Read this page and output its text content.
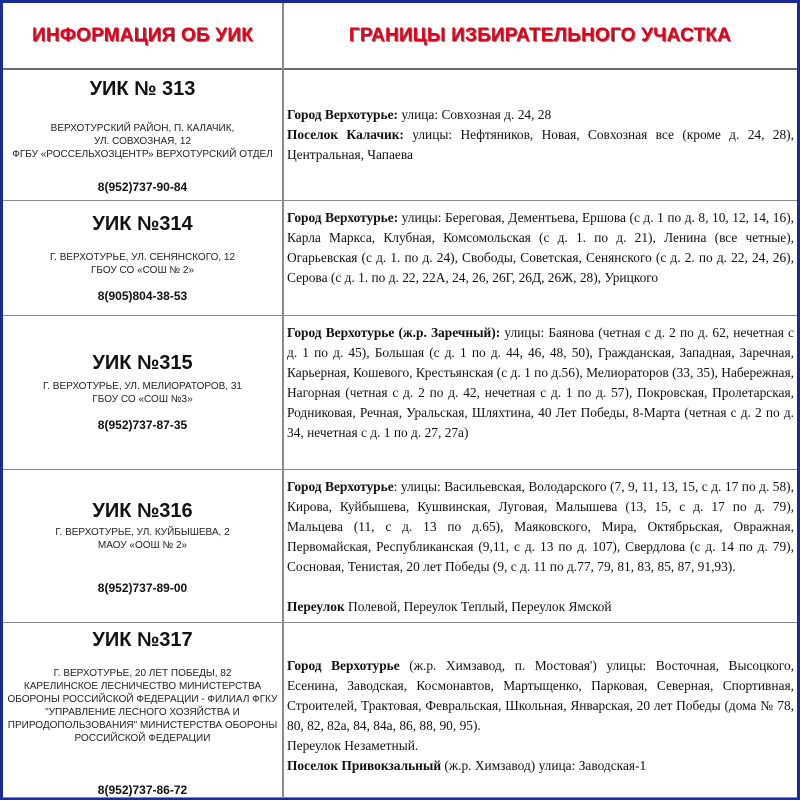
ИНФОРМАЦИЯ ОБ УИК	ГРАНИЦЫ ИЗБИРАТЕЛЬНОГО УЧАСТКА
УИК № 313
ВЕРХОТУРСКИЙ РАЙОН, П. КАЛАЧИК,
УЛ. СОВХОЗНАЯ, 12
ФГБУ «РОССЕЛЬХОЗЦЕНТР» ВЕРХОТУРСКИЙ ОТДЕЛ
8(952)737-90-84
Город Верхотурье: улица: Совхозная д. 24, 28
Поселок Калачик: улицы: Нефтяников, Новая, Совхозная все (кроме д. 24, 28), Центральная, Чапаева
УИК №314
Г. ВЕРХОТУРЬЕ, УЛ. СЕНЯНСКОГО, 12
ГБОУ СО «СОШ № 2»
8(905)804-38-53
Город Верхотурье: улицы: Береговая, Дементьева, Ершова (с д. 1 по д. 8, 10, 12, 14, 16), Карла Маркса, Клубная, Комсомольская (с д. 1. по д. 21), Ленина (все четные), Огарьевская (с д. 1. по д. 24), Свободы, Советская, Сенянского (с д. 2. по д. 22, 24, 26), Серова (с д. 1. по д. 22, 22А, 24, 26, 26Г, 26Д, 26Ж, 28), Урицкого
УИК №315
Г. ВЕРХОТУРЬЕ, УЛ. МЕЛИОРАТОРОВ, 31
ГБОУ СО «СОШ №3»
8(952)737-87-35
Город Верхотурье (ж.р. Заречный): улицы: Баянова (четная с д. 2 по д. 62, нечетная с д. 1 по д. 45), Большая (с д. 1 по д. 44, 46, 48, 50), Гражданская, Западная, Заречная, Карьерная, Кошевого, Крестьянская (с д. 1 по д.56), Мелиораторов (33, 35), Набережная, Нагорная (четная с д. 2 по д. 42, нечетная с д. 1 по д. 57), Покровская, Пролетарская, Родниковая, Речная, Уральская, Шляхтина, 40 Лет Победы, 8-Марта (четная с д. 2 по д. 34, нечетная с д. 1 по д. 27, 27а)
УИК №316
Г. ВЕРХОТУРЬЕ, УЛ. КУЙБЫШЕВА, 2
МАОУ «ООШ № 2»
8(952)737-89-00
Город Верхотурье: улицы: Васильевская, Володарского (7, 9, 11, 13, 15, с д. 17 по д. 58), Кирова, Куйбышева, Кушвинская, Луговая, Малышева (13, 15, с д. 17 по д. 79), Мальцева (11, с д. 13 по д.65), Маяковского, Мира, Октябрьская, Овражная, Первомайская, Республиканская (9,11, с д. 13 по д. 107), Свердлова (с д. 14 по д. 79), Сосновая, Тенистая, 20 лет Победы (9, с д. 11 по д.77, 79, 81, 83, 85, 87, 91,93).
Переулок Полевой, Переулок Теплый, Переулок Ямской
УИК №317
Г. ВЕРХОТУРЬЕ, 20 ЛЕТ ПОБЕДЫ, 82
КАРЕЛИНСКОЕ ЛЕСНИЧЕСТВО МИНИСТЕРСТВА
ОБОРОНЫ РОССИЙСКОЙ ФЕДЕРАЦИИ - ФИЛИАЛ ФГКУ
"УПРАВЛЕНИЕ ЛЕСНОГО ХОЗЯЙСТВА И
ПРИРОДОПОЛЬЗОВАНИЯ" МИНИСТЕРСТВА ОБОРОНЫ
РОССИЙСКОЙ ФЕДЕРАЦИИ
8(952)737-86-72
Город Верхотурье (ж.р. Химзавод, п. Мостовая') улицы: Восточная, Высоцкого, Есенина, Заводская, Космонавтов, Мартыщенко, Парковая, Северная, Спортивная, Строителей, Трактовая, Февральская, Школьная, Январская, 20 лет Победы (дома № 78, 80, 82, 82а, 84, 84а, 86, 88, 90, 95).
Переулок Незаметный.
Поселок Привокзальный (ж.р. Химзавод) улица: Заводская-1
